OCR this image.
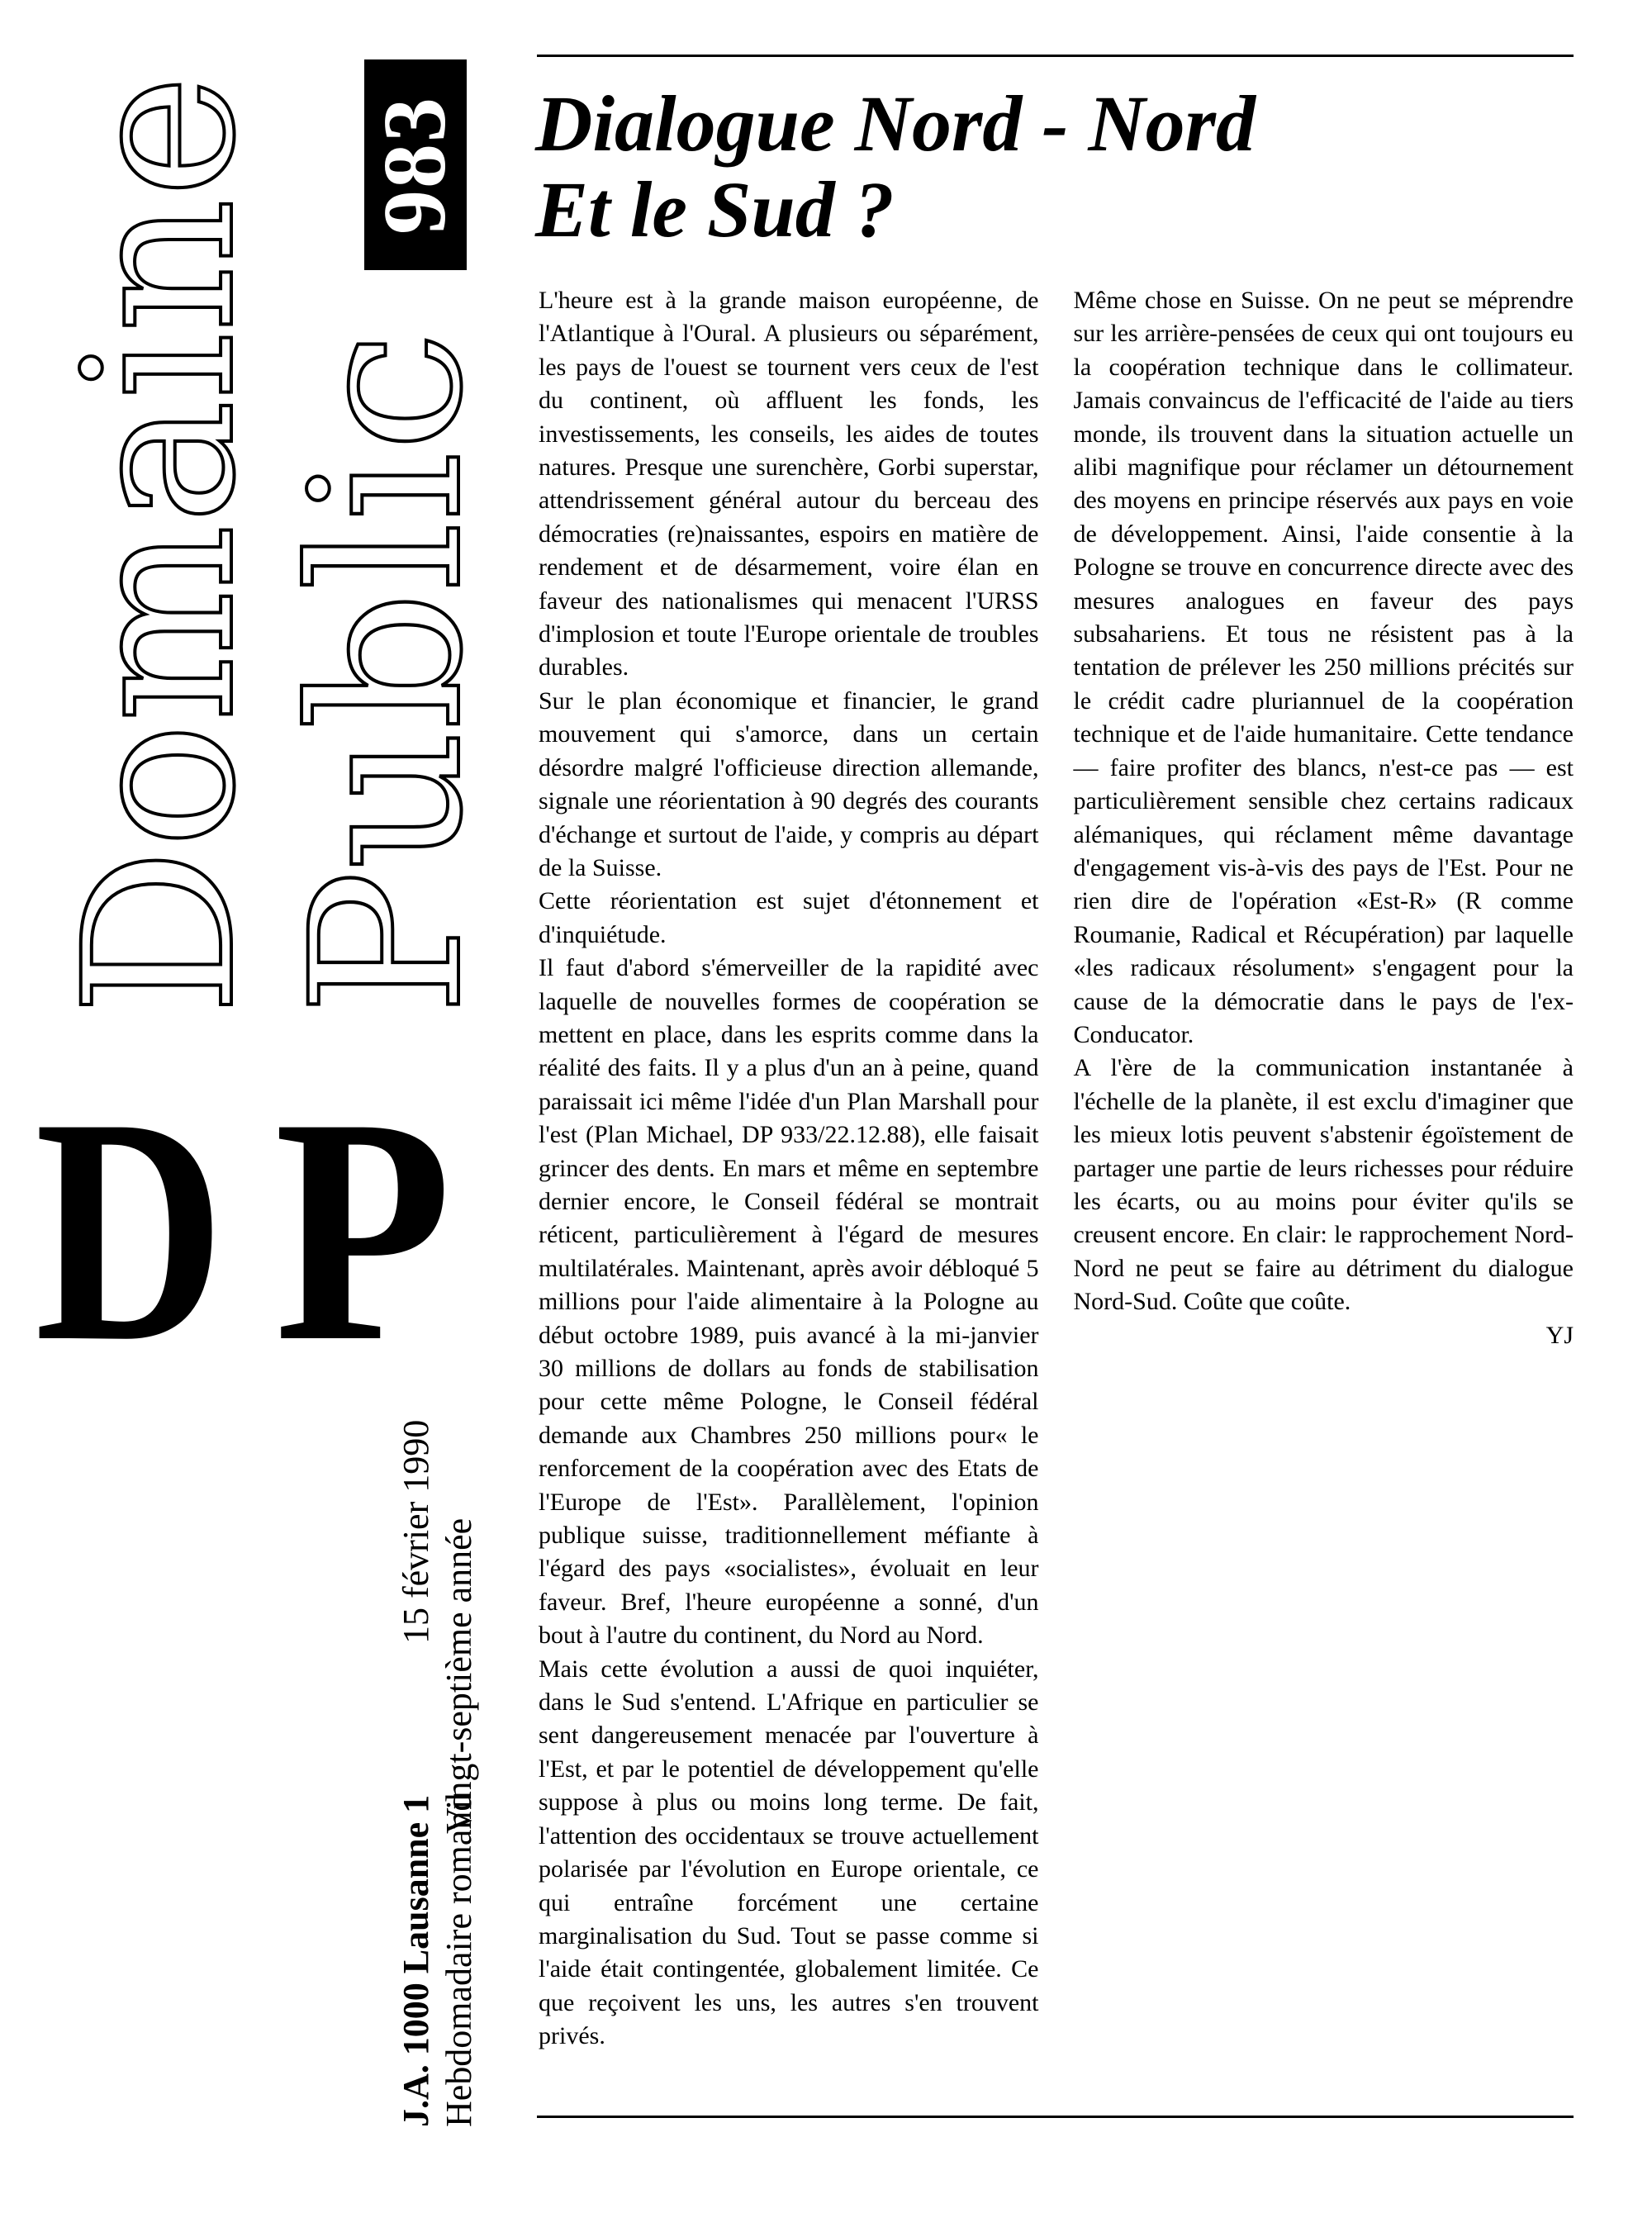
Domaine
Public
983
D P
J.A. 1000 Lausanne 1 Hebdomadaire romand
15 février 1990 Vingt-septième année
Dialogue Nord - Nord
Et le Sud ?

L'heure est à la grande maison européenne, de l'Atlantique à l'Oural. A plusieurs ou séparément, les pays de l'ouest se tournent vers ceux de l'est du continent, où affluent les fonds, les investissements, les conseils, les aides de toutes natures. Presque une surenchère, Gorbi superstar, attendrissement général autour du berceau des démocraties (re)naissantes, espoirs en matière de rendement et de désarmement, voire élan en faveur des nationalismes qui menacent l'URSS d'implosion et toute l'Europe orientale de troubles durables.

Sur le plan économique et financier, le grand mouvement qui s'amorce, dans un certain désordre malgré l'officieuse direction allemande, signale une réorientation à 90 degrés des courants d'échange et surtout de l'aide, y compris au départ de la Suisse.

Cette réorientation est sujet d'étonnement et d'inquiétude.

Il faut d'abord s'émerveiller de la rapidité avec laquelle de nouvelles formes de coopération se mettent en place, dans les esprits comme dans la réalité des faits. Il y a plus d'un an à peine, quand paraissait ici même l'idée d'un Plan Marshall pour l'est (Plan Michael, DP 933/22.12.88), elle faisait grincer des dents. En mars et même en septembre dernier encore, le Conseil fédéral se montrait réticent, particulièrement à l'égard de mesures multilatérales. Maintenant, après avoir débloqué 5 millions pour l'aide alimentaire à la Pologne au début octobre 1989, puis avancé à la mi-janvier 30 millions de dollars au fonds de stabilisation pour cette même Pologne, le Conseil fédéral demande aux Chambres 250 millions pour« le renforcement de la coopération avec des Etats de l'Europe de l'Est». Parallèlement, l'opinion publique suisse, traditionnellement méfiante à l'égard des pays «socialistes», évoluait en leur faveur. Bref, l'heure européenne a sonné, d'un bout à l'autre du continent, du Nord au Nord.

Mais cette évolution a aussi de quoi inquiéter, dans le Sud s'entend. L'Afrique en particulier se sent dangereusement menacée par l'ouverture à l'Est, et par le potentiel de développement qu'elle suppose à plus ou moins long terme. De fait, l'attention des occidentaux se trouve actuellement polarisée par l'évolution en Europe orientale, ce qui entraîne forcément une certaine marginalisation du Sud. Tout se passe comme si l'aide était contingentée, globalement limitée. Ce que reçoivent les uns, les autres s'en trouvent privés.

Même chose en Suisse. On ne peut se méprendre sur les arrière-pensées de ceux qui ont toujours eu la coopération technique dans le collimateur. Jamais convaincus de l'efficacité de l'aide au tiers monde, ils trouvent dans la situation actuelle un alibi magnifique pour réclamer un détournement des moyens en principe réservés aux pays en voie de développement. Ainsi, l'aide consentie à la Pologne se trouve en concurrence directe avec des mesures analogues en faveur des pays subsahariens. Et tous ne résistent pas à la tentation de prélever les 250 millions précités sur le crédit cadre pluriannuel de la coopération technique et de l'aide humanitaire. Cette tendance — faire profiter des blancs, n'est-ce pas — est particulièrement sensible chez certains radicaux alémaniques, qui réclament même davantage d'engagement vis-à-vis des pays de l'Est. Pour ne rien dire de l'opération «Est-R» (R comme Roumanie, Radical et Récupération) par laquelle «les radicaux résolument» s'engagent pour la cause de la démocratie dans le pays de l'ex- Conducator.

A l'ère de la communication instantanée à l'échelle de la planète, il est exclu d'imaginer que les mieux lotis peuvent s'abstenir égoïstement de partager une partie de leurs richesses pour réduire les écarts, ou au moins pour éviter qu'ils se creusent encore. En clair: le rapprochement Nord-Nord ne peut se faire au détriment du dialogue Nord-Sud. Coûte que coûte.

YJ
